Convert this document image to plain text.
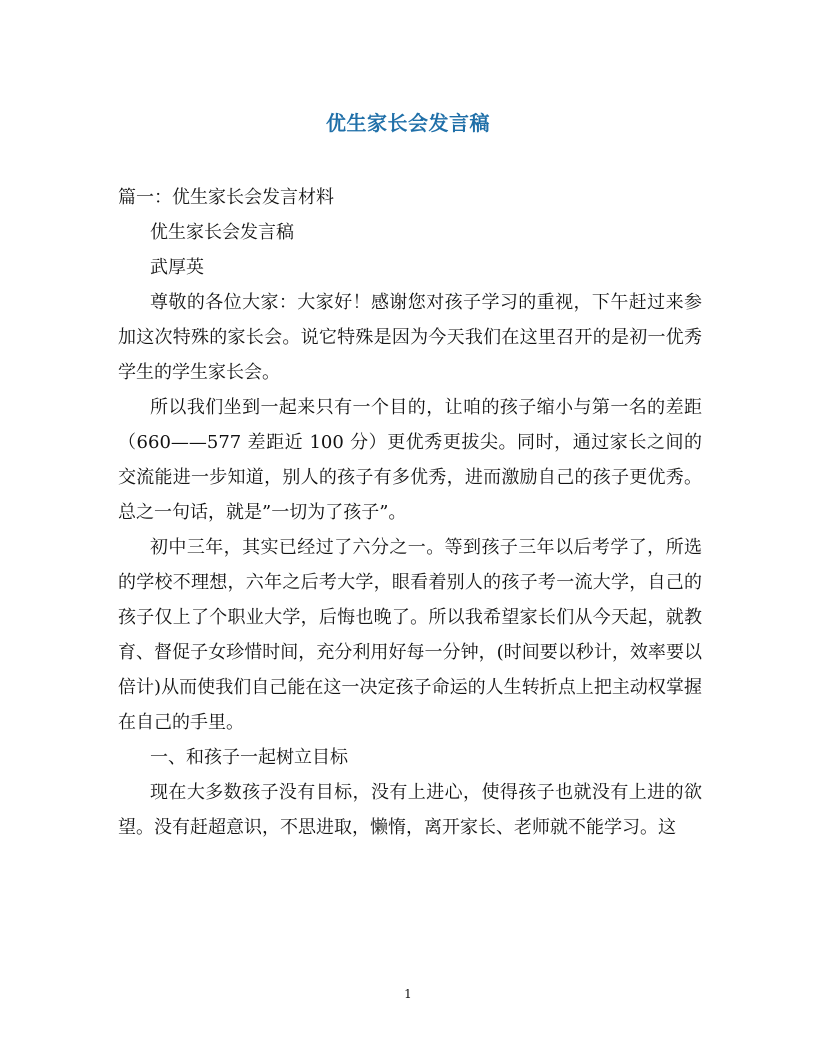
优生家长会发言稿

篇一：优生家长会发言材料

优生家长会发言稿

武厚英

尊敬的各位大家：大家好！感谢您对孩子学习的重视，下午赶过来参加这次特殊的家长会。说它特殊是因为今天我们在这里召开的是初一优秀学生的学生家长会。

所以我们坐到一起来只有一个目的，让咱的孩子缩小与第一名的差距（660——577 差距近 100 分）更优秀更拔尖。同时，通过家长之间的交流能进一步知道，别人的孩子有多优秀，进而激励自己的孩子更优秀。总之一句话，就是”一切为了孩子”。

初中三年，其实已经过了六分之一。等到孩子三年以后考学了，所选的学校不理想，六年之后考大学，眼看着别人的孩子考一流大学，自己的孩子仅上了个职业大学，后悔也晚了。所以我希望家长们从今天起，就教育、督促子女珍惜时间，充分利用好每一分钟，(时间要以秒计，效率要以倍计)从而使我们自己能在这一决定孩子命运的人生转折点上把主动权掌握在自己的手里。

一、和孩子一起树立目标

现在大多数孩子没有目标，没有上进心，使得孩子也就没有上进的欲望。没有赶超意识，不思进取，懒惰，离开家长、老师就不能学习。这

1
